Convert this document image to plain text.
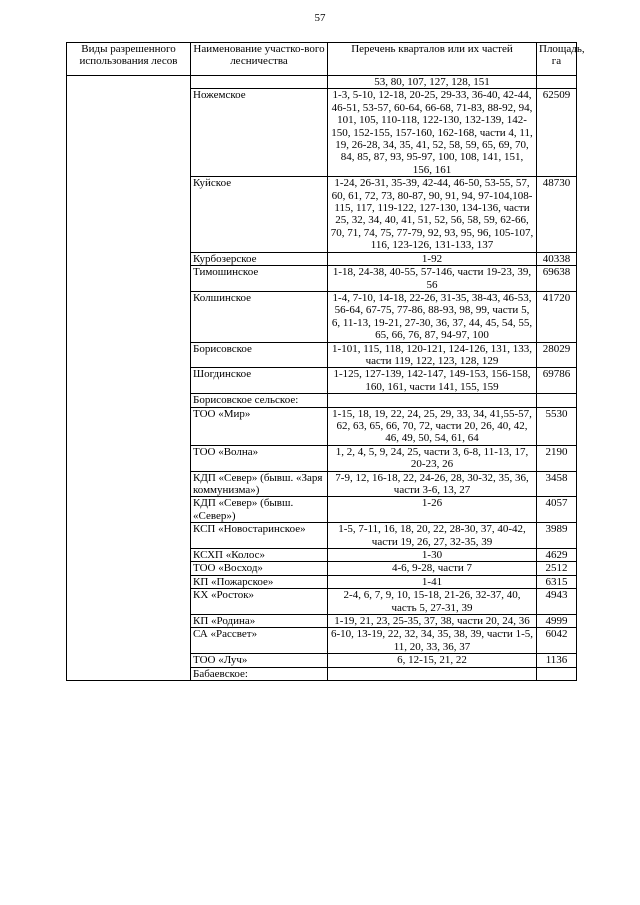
57
Виды разрешенного использования лесов	Наименование участко-вого лесничества	Перечень кварталов или их частей	Площадь, га
		53, 80, 107, 127, 128, 151	
	Ножемское	1-3, 5-10, 12-18, 20-25, 29-33, 36-40, 42-44, 46-51, 53-57, 60-64, 66-68, 71-83, 88-92, 94, 101, 105, 110-118, 122-130, 132-139, 142-150, 152-155, 157-160, 162-168, части 4, 11, 19, 26-28, 34, 35, 41, 52, 58, 59, 65, 69, 70, 84, 85, 87, 93, 95-97, 100, 108, 141, 151, 156, 161	62509
	Куйское	1-24, 26-31, 35-39, 42-44, 46-50, 53-55, 57, 60, 61, 72, 73, 80-87, 90, 91, 94, 97-104,108-115, 117, 119-122, 127-130, 134-136, части 25, 32, 34, 40, 41, 51, 52, 56, 58, 59, 62-66, 70, 71, 74, 75, 77-79, 92, 93, 95, 96, 105-107, 116, 123-126, 131-133, 137	48730
	Курбозерское	1-92	40338
	Тимошинское	1-18, 24-38, 40-55, 57-146, части 19-23, 39, 56	69638
	Колшинское	1-4, 7-10, 14-18, 22-26, 31-35, 38-43, 46-53, 56-64, 67-75, 77-86, 88-93, 98, 99, части 5, 6, 11-13, 19-21, 27-30, 36, 37, 44, 45, 54, 55, 65, 66, 76, 87, 94-97, 100	41720
	Борисовское	1-101, 115, 118, 120-121, 124-126, 131, 133, части 119, 122, 123, 128, 129	28029
	Шогдинское	1-125, 127-139, 142-147, 149-153, 156-158, 160, 161, части 141, 155, 159	69786
	Борисовское сельское:		
	ТОО «Мир»	1-15, 18, 19, 22, 24, 25, 29, 33, 34, 41,55-57, 62, 63, 65, 66, 70, 72, части 20, 26, 40, 42, 46, 49, 50, 54, 61, 64	5530
	ТОО «Волна»	1, 2, 4, 5, 9, 24, 25, части 3, 6-8, 11-13, 17, 20-23, 26	2190
	КДП «Север» (бывш. «Заря коммунизма»)	7-9, 12, 16-18, 22, 24-26, 28, 30-32, 35, 36, части 3-6, 13, 27	3458
	КДП «Север» (бывш. «Север»)	1-26	4057
	КСП «Новостаринское»	1-5, 7-11, 16, 18, 20, 22, 28-30, 37, 40-42, части 19, 26, 27, 32-35, 39	3989
	КСХП «Колос»	1-30	4629
	ТОО «Восход»	4-6, 9-28, части 7	2512
	КП «Пожарское»	1-41	6315
	КХ «Росток»	2-4, 6, 7, 9, 10, 15-18, 21-26, 32-37, 40, часть 5, 27-31, 39	4943
	КП «Родина»	1-19, 21, 23, 25-35, 37, 38, части 20, 24, 36	4999
	СА «Рассвет»	6-10, 13-19, 22, 32, 34, 35, 38, 39, части 1-5, 11, 20, 33, 36, 37	6042
	ТОО «Луч»	6, 12-15, 21, 22	1136
	Бабаевское:		
